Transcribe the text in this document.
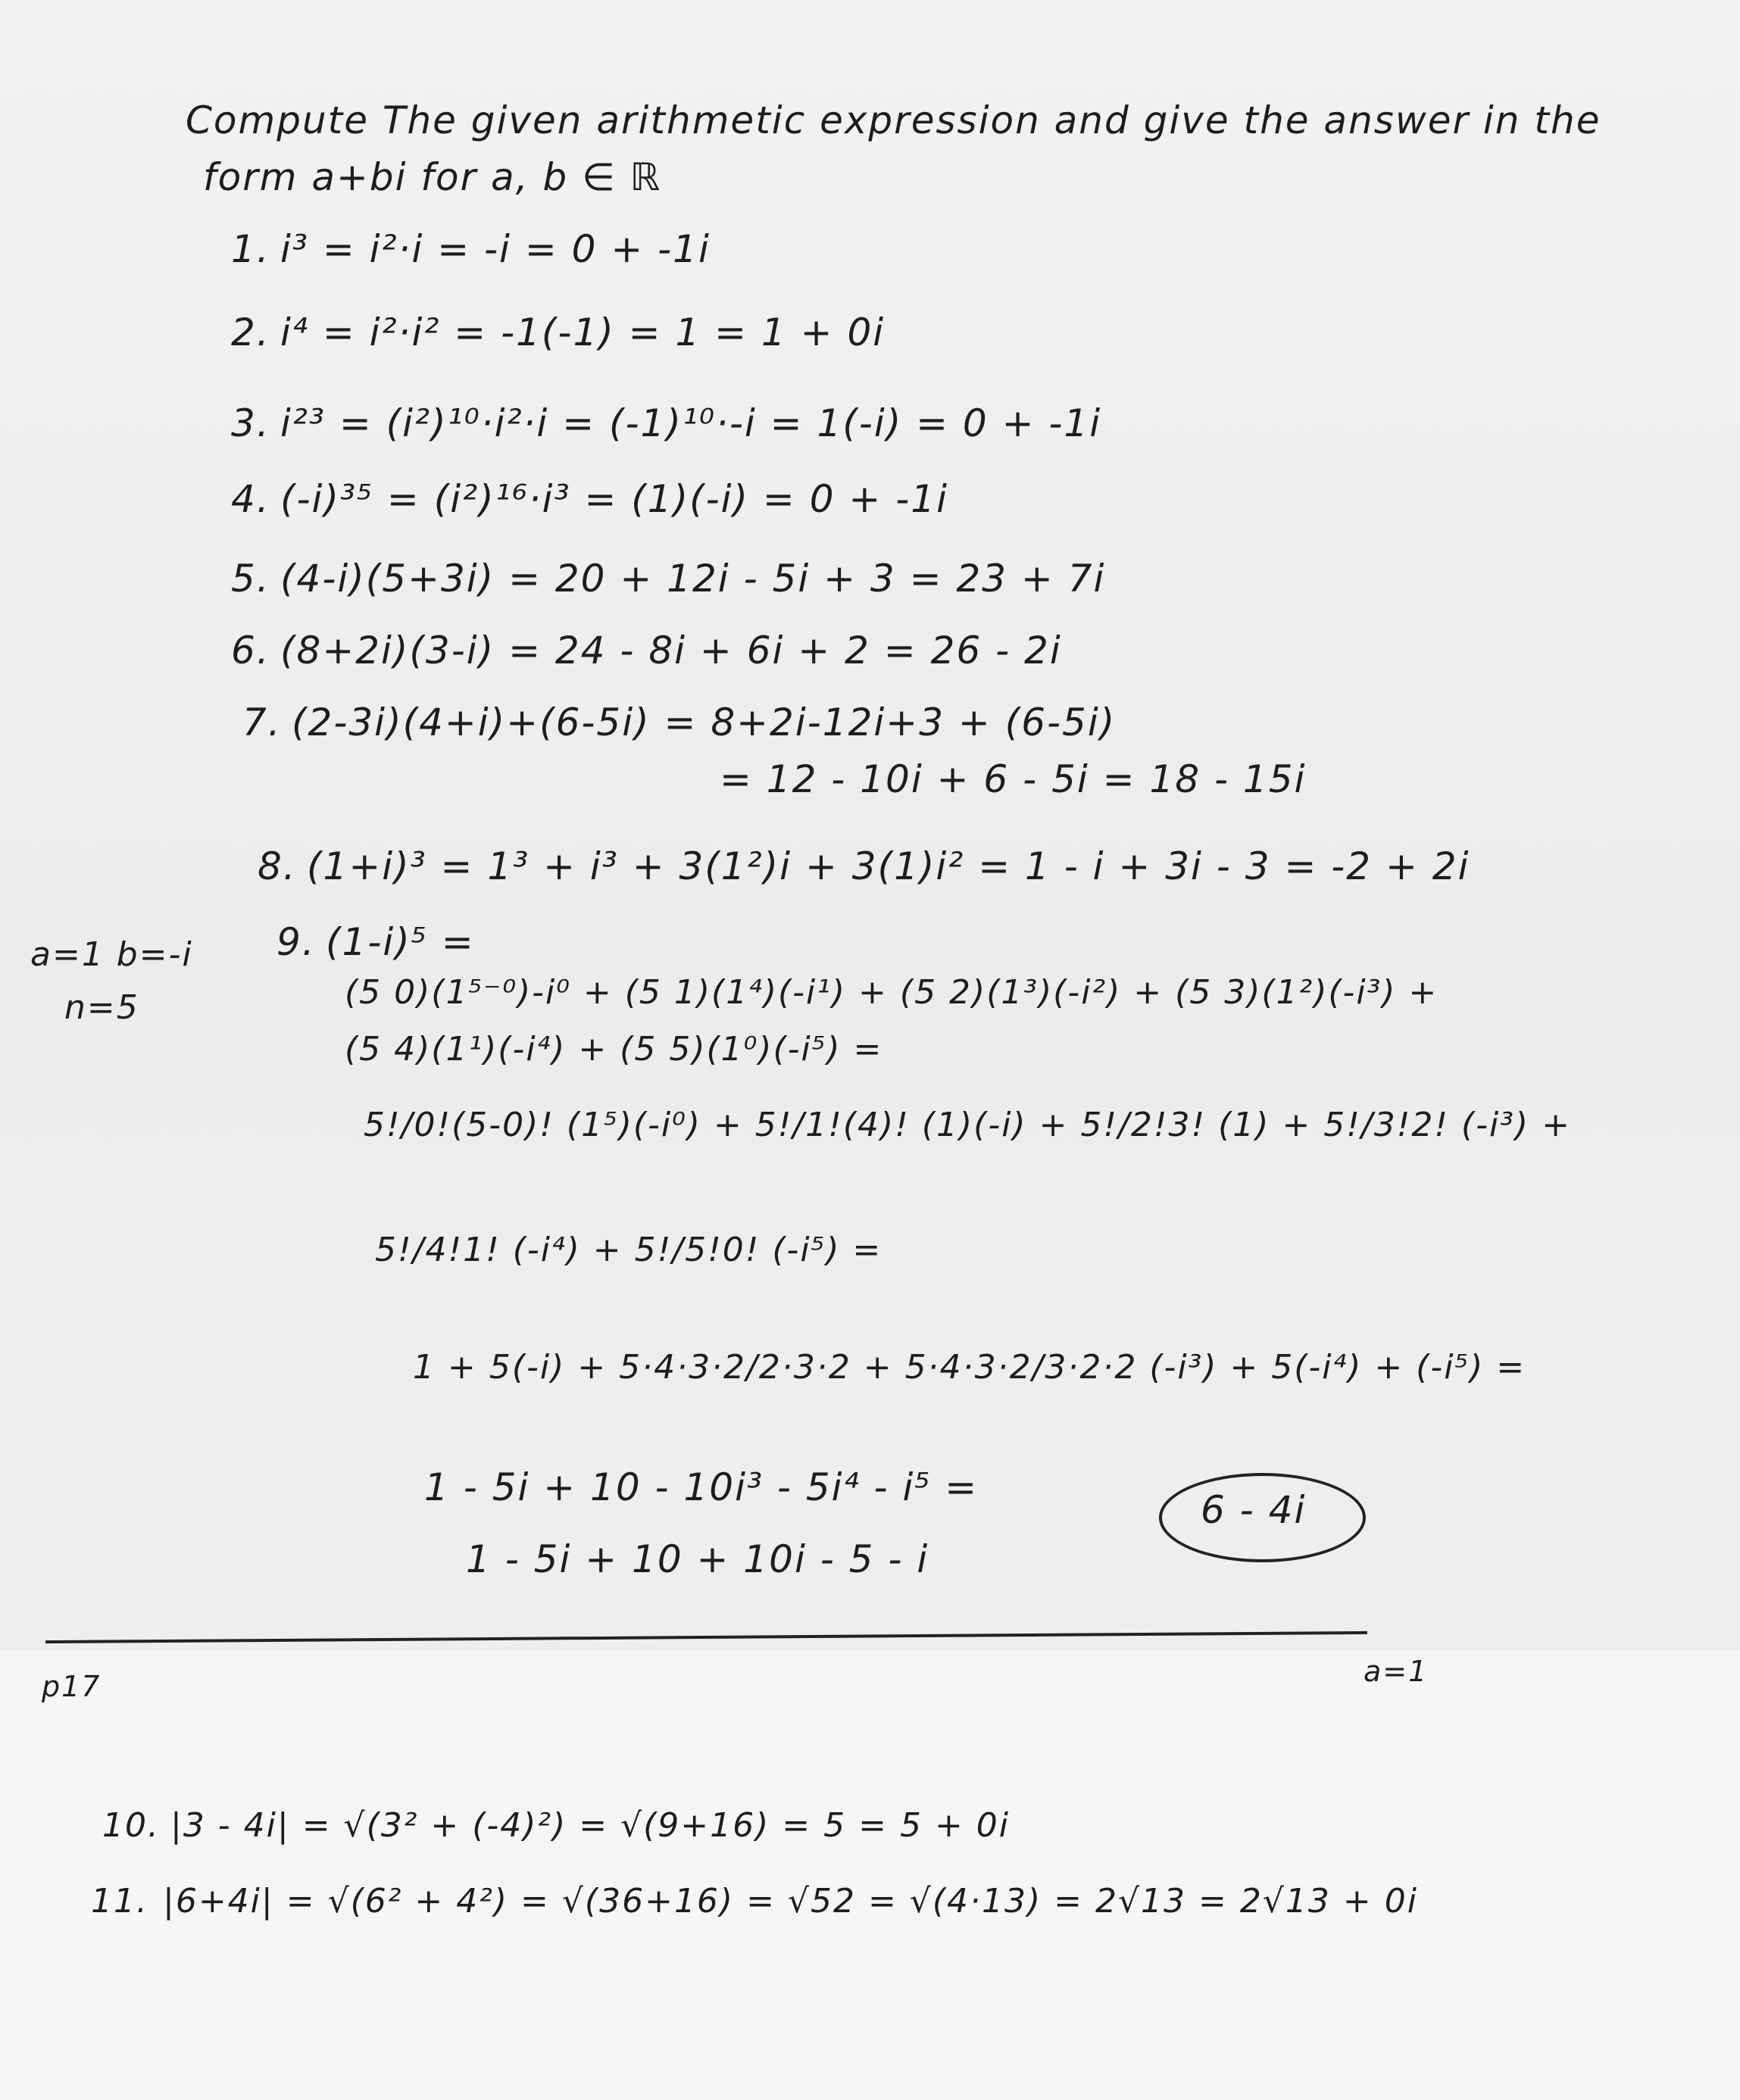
Compute The given arithmetic expression and give the answer in the
form a+bi for a, b ∈ ℝ
1. i³ = i²·i = -i = 0 + -1i
2. i⁴ = i²·i² = -1(-1) = 1 = 1 + 0i
3. i²³ = (i²)¹⁰·i²·i = (-1)¹⁰·-i = 1(-i) = 0 + -1i
4. (-i)³⁵ = (i²)¹⁶·i³ = (1)(-i) = 0 + -1i
5. (4-i)(5+3i) = 20 + 12i - 5i + 3 = 23 + 7i
6. (8+2i)(3-i) = 24 - 8i + 6i + 2 = 26 - 2i
7. (2-3i)(4+i)+(6-5i) = 8+2i-12i+3 + (6-5i)
= 12 - 10i + 6 - 5i = 18 - 15i
8. (1+i)³ = 1³ + i³ + 3(1²)i + 3(1)i² = 1 - i + 3i - 3 = -2 + 2i
a=1 b=-i
n=5
9. (1-i)⁵ =
(5 0)(1⁵⁻⁰)-i⁰ + (5 1)(1⁴)(-i¹) + (5 2)(1³)(-i²) + (5 3)(1²)(-i³) +
(5 4)(1¹)(-i⁴) + (5 5)(1⁰)(-i⁵) =
5!/0!(5-0)! (1⁵)(-i⁰) + 5!/1!(4)! (1)(-i) + 5!/2!3! (1) + 5!/3!2! (-i³) +
5!/4!1! (-i⁴) + 5!/5!0! (-i⁵) =
1 + 5(-i) + 5·4·3·2/2·3·2 + 5·4·3·2/3·2·2 (-i³) + 5(-i⁴) + (-i⁵) =
1 - 5i + 10 - 10i³ - 5i⁴ - i⁵ =
1 - 5i + 10 + 10i - 5 - i
6 - 4i
p17	a=1
10. |3 - 4i| = √(3² + (-4)²) = √(9+16) = 5 = 5 + 0i
11. |6+4i| = √(6² + 4²) = √(36+16) = √52 = √(4·13) = 2√13 = 2√13 + 0i
